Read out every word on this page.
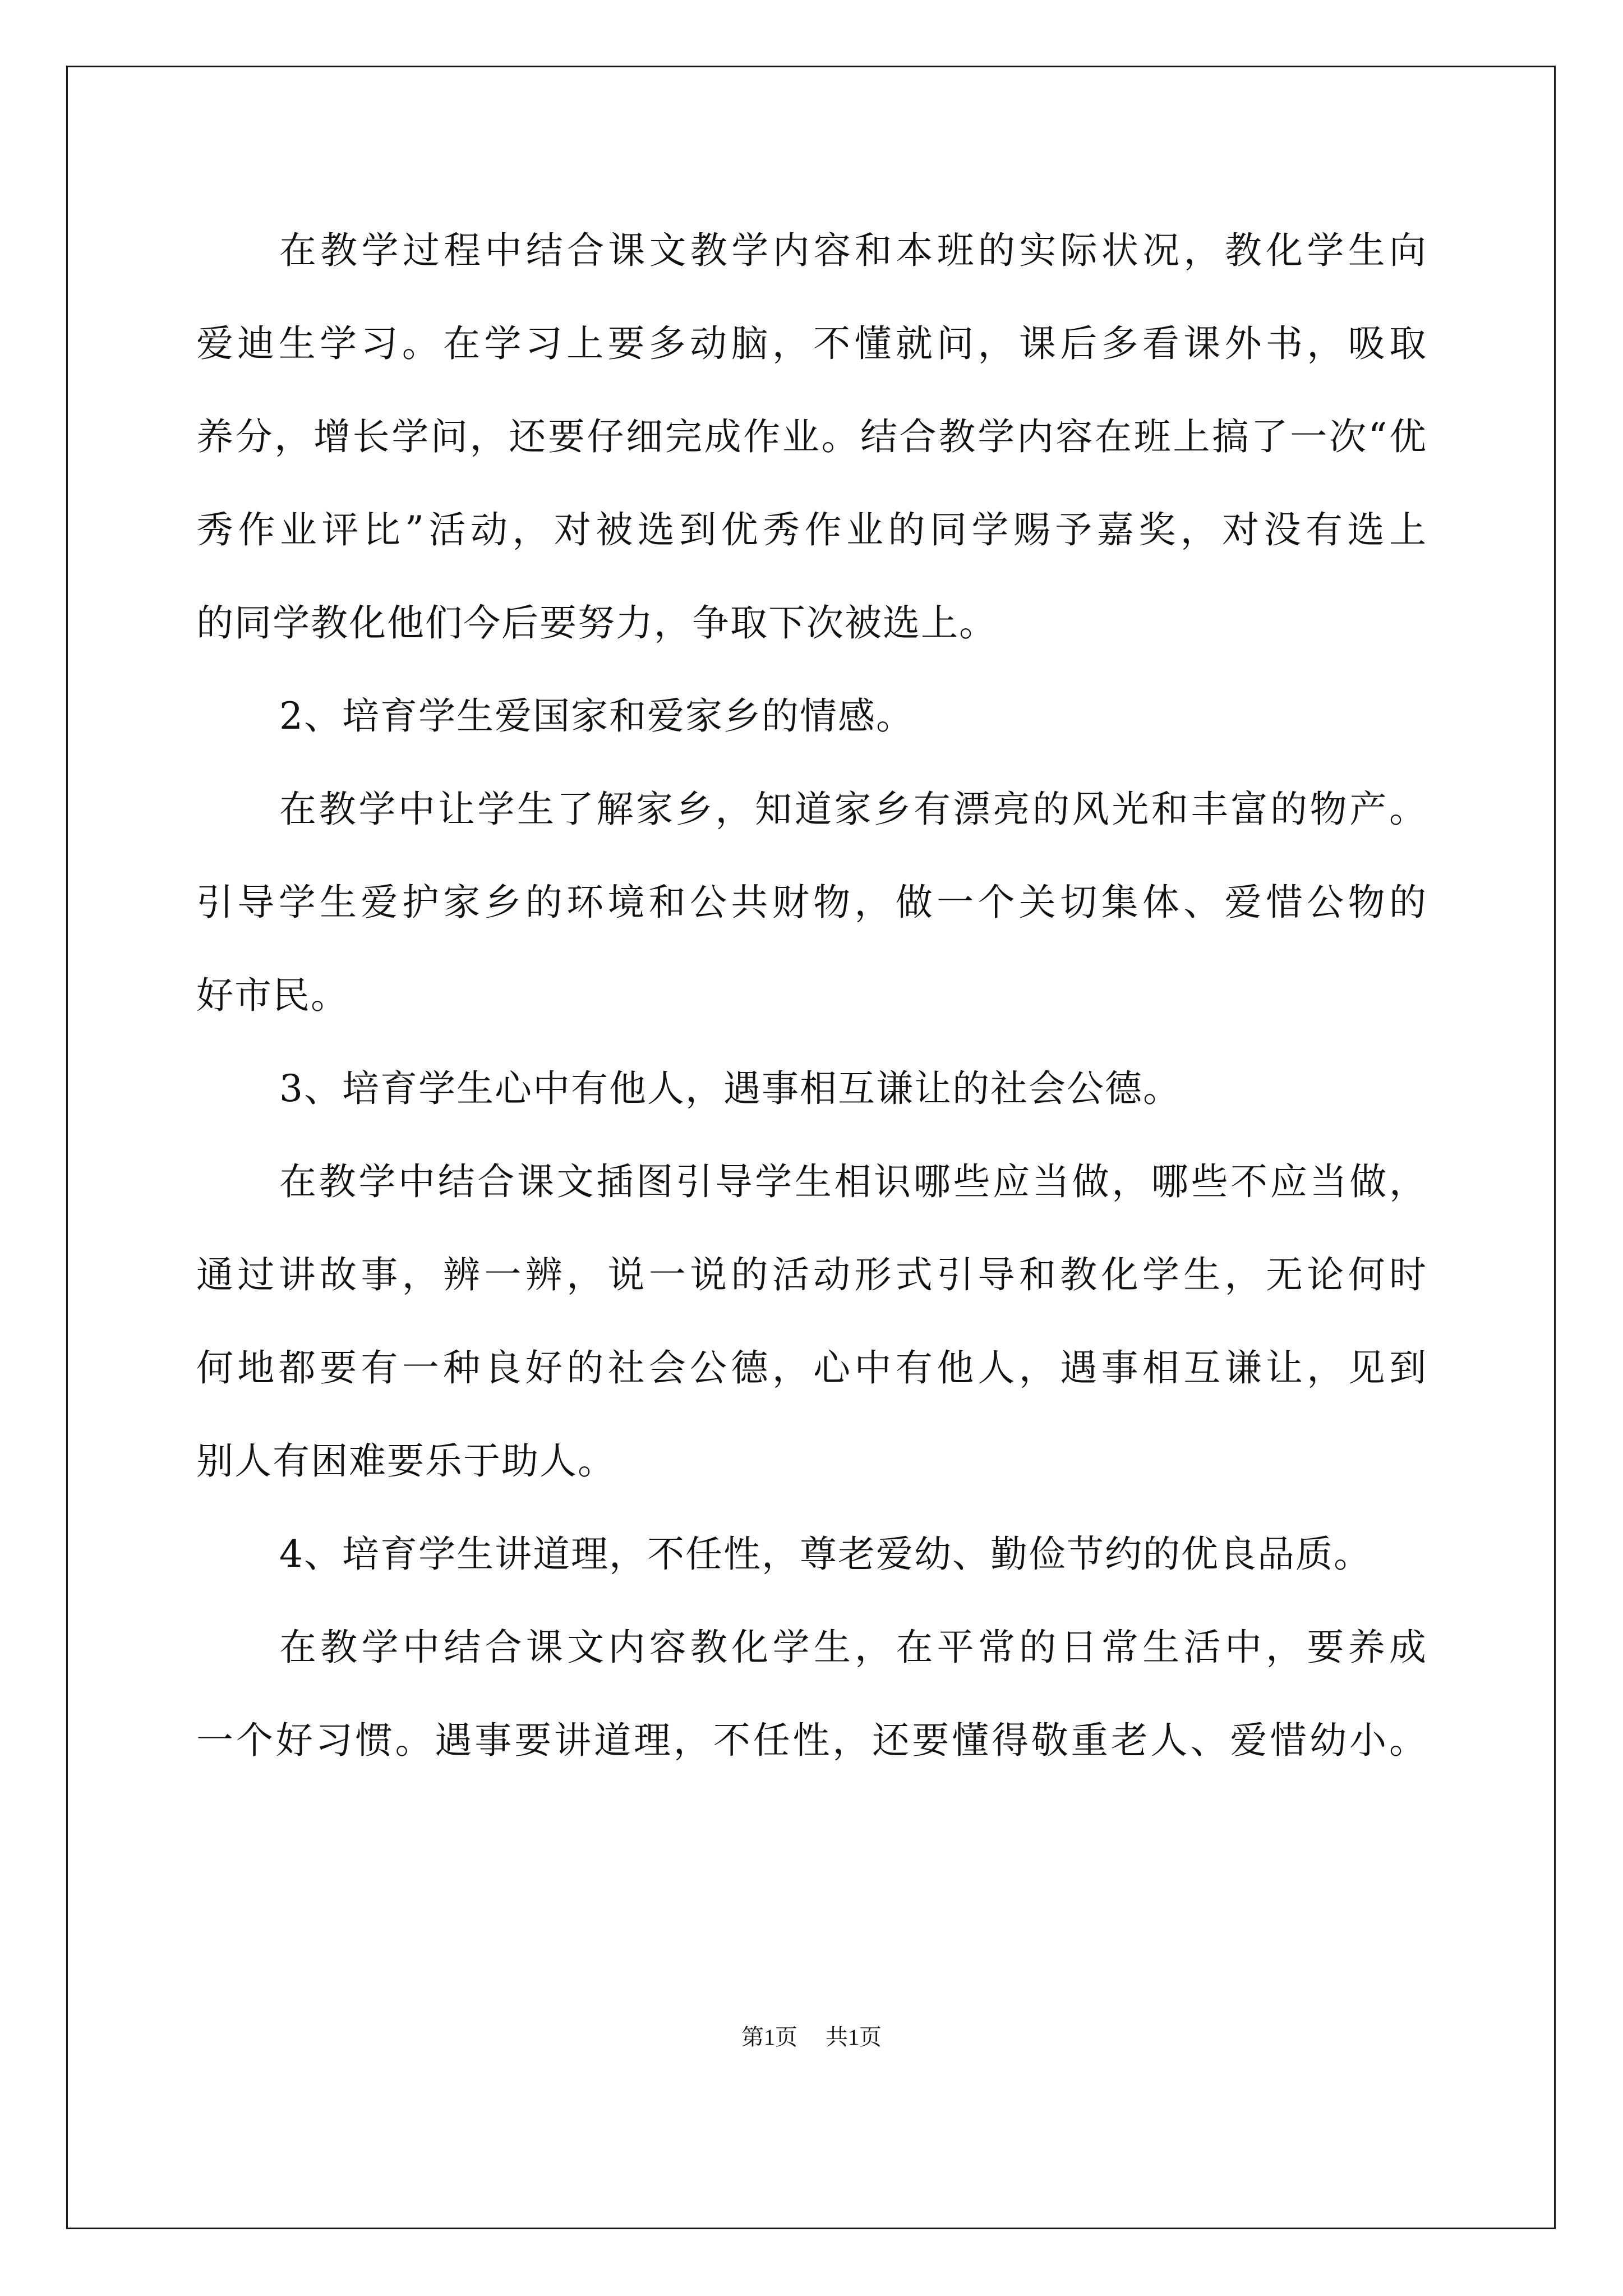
在教学过程中结合课文教学内容和本班的实际状况，教化学生向

爱迪生学习。在学习上要多动脑，不懂就问，课后多看课外书，吸取

养分，增长学问，还要仔细完成作业。结合教学内容在班上搞了一次“优

秀作业评比”活动，对被选到优秀作业的同学赐予嘉奖，对没有选上

的同学教化他们今后要努力，争取下次被选上。

2、培育学生爱国家和爱家乡的情感。

在教学中让学生了解家乡，知道家乡有漂亮的风光和丰富的物产。

引导学生爱护家乡的环境和公共财物，做一个关切集体、爱惜公物的

好市民。

3、培育学生心中有他人，遇事相互谦让的社会公德。

在教学中结合课文插图引导学生相识哪些应当做，哪些不应当做，

通过讲故事，辨一辨，说一说的活动形式引导和教化学生，无论何时

何地都要有一种良好的社会公德，心中有他人，遇事相互谦让，见到

别人有困难要乐于助人。

4、培育学生讲道理，不任性，尊老爱幼、勤俭节约的优良品质。

在教学中结合课文内容教化学生，在平常的日常生活中，要养成

一个好习惯。遇事要讲道理，不任性，还要懂得敬重老人、爱惜幼小。

第1页 共1页
